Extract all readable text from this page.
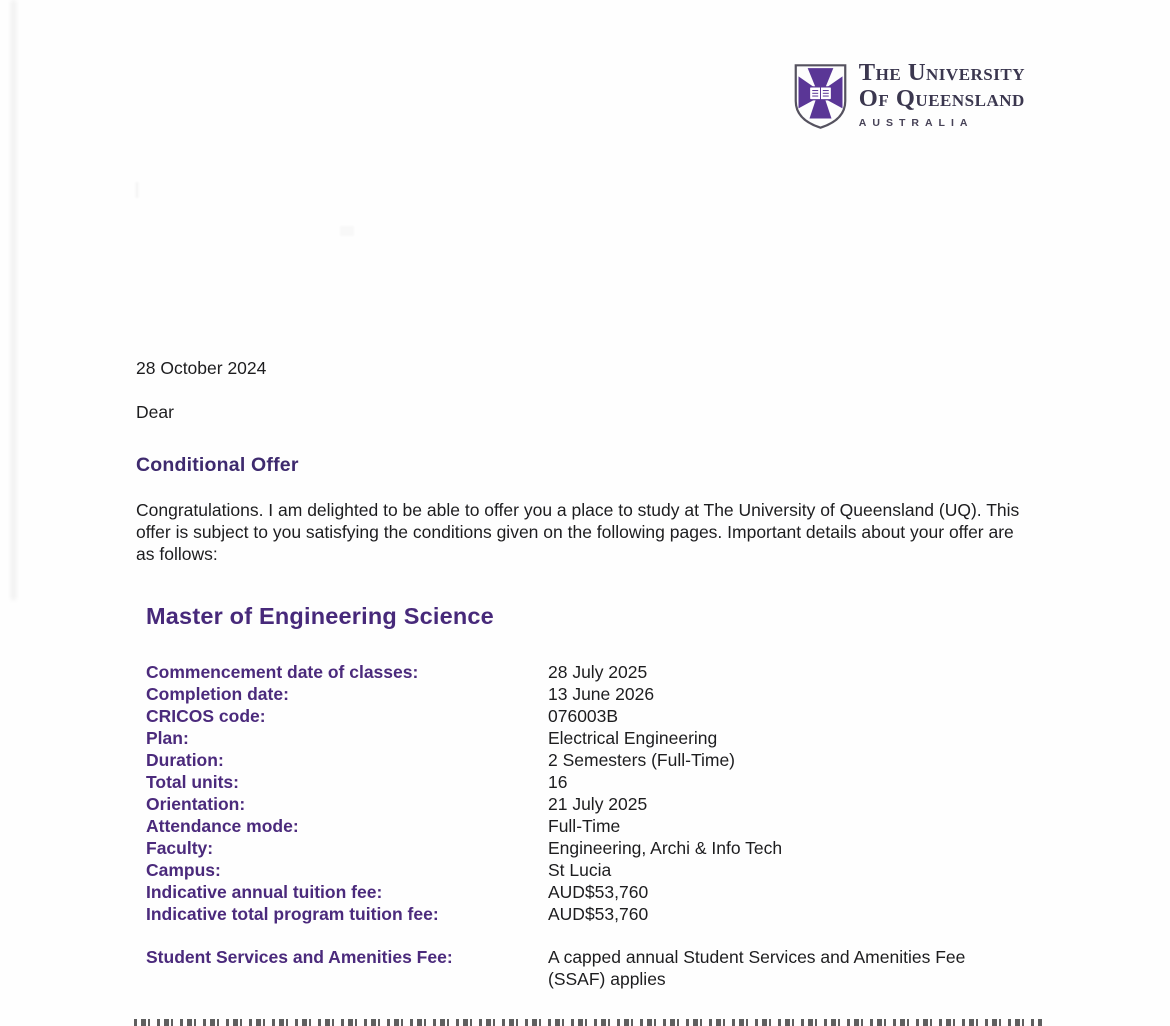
The University
Of Queensland
AUSTRALIA
28 October 2024
Dear
Conditional Offer
Congratulations. I am delighted to be able to offer you a place to study at The University of Queensland (UQ). This offer is subject to you satisfying the conditions given on the following pages. Important details about your offer are as follows:
Master of Engineering Science
Commencement date of classes:	28 July 2025
Completion date:	13 June 2026
CRICOS code:	076003B
Plan:	Electrical Engineering
Duration:	2 Semesters (Full-Time)
Total units:	16
Orientation:	21 July 2025
Attendance mode:	Full-Time
Faculty:	Engineering, Archi & Info Tech
Campus:	St Lucia
Indicative annual tuition fee:	AUD$53,760
Indicative total program tuition fee:	AUD$53,760
Student Services and Amenities Fee:	A capped annual Student Services and Amenities Fee (SSAF) applies
